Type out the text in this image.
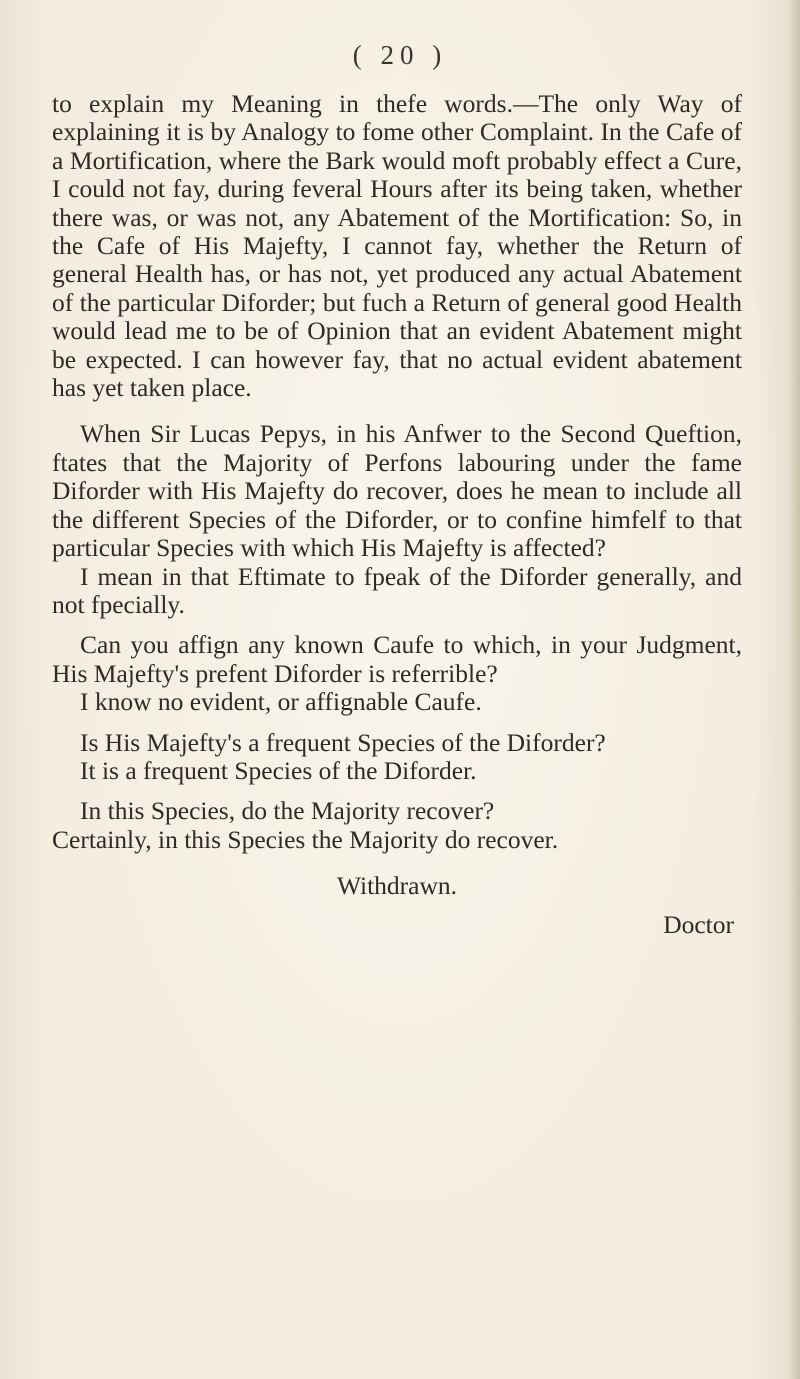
( 20 )

to explain my Meaning in thefe words.—The only Way of explaining it is by Analogy to fome other Complaint. In the Cafe of a Mortification, where the Bark would moft probably effect a Cure, I could not fay, during feveral Hours after its being taken, whether there was, or was not, any Abatement of the Mortification: So, in the Cafe of His Majefty, I cannot fay, whether the Return of general Health has, or has not, yet produced any actual Abatement of the particular Diforder; but fuch a Return of general good Health would lead me to be of Opinion that an evident Abatement might be expected. I can however fay, that no actual evident abatement has yet taken place.

When Sir Lucas Pepys, in his Anfwer to the Second Queftion, ftates that the Majority of Perfons labouring under the fame Diforder with His Majefty do recover, does he mean to include all the different Species of the Diforder, or to confine himfelf to that particular Species with which His Majefty is affected?

I mean in that Eftimate to fpeak of the Diforder generally, and not fpecially.

Can you affign any known Caufe to which, in your Judgment, His Majefty's prefent Diforder is referrible?

I know no evident, or affignable Caufe.

Is His Majefty's a frequent Species of the Diforder?

It is a frequent Species of the Diforder.

In this Species, do the Majority recover?

Certainly, in this Species the Majority do recover.

Withdrawn.

Doctor
